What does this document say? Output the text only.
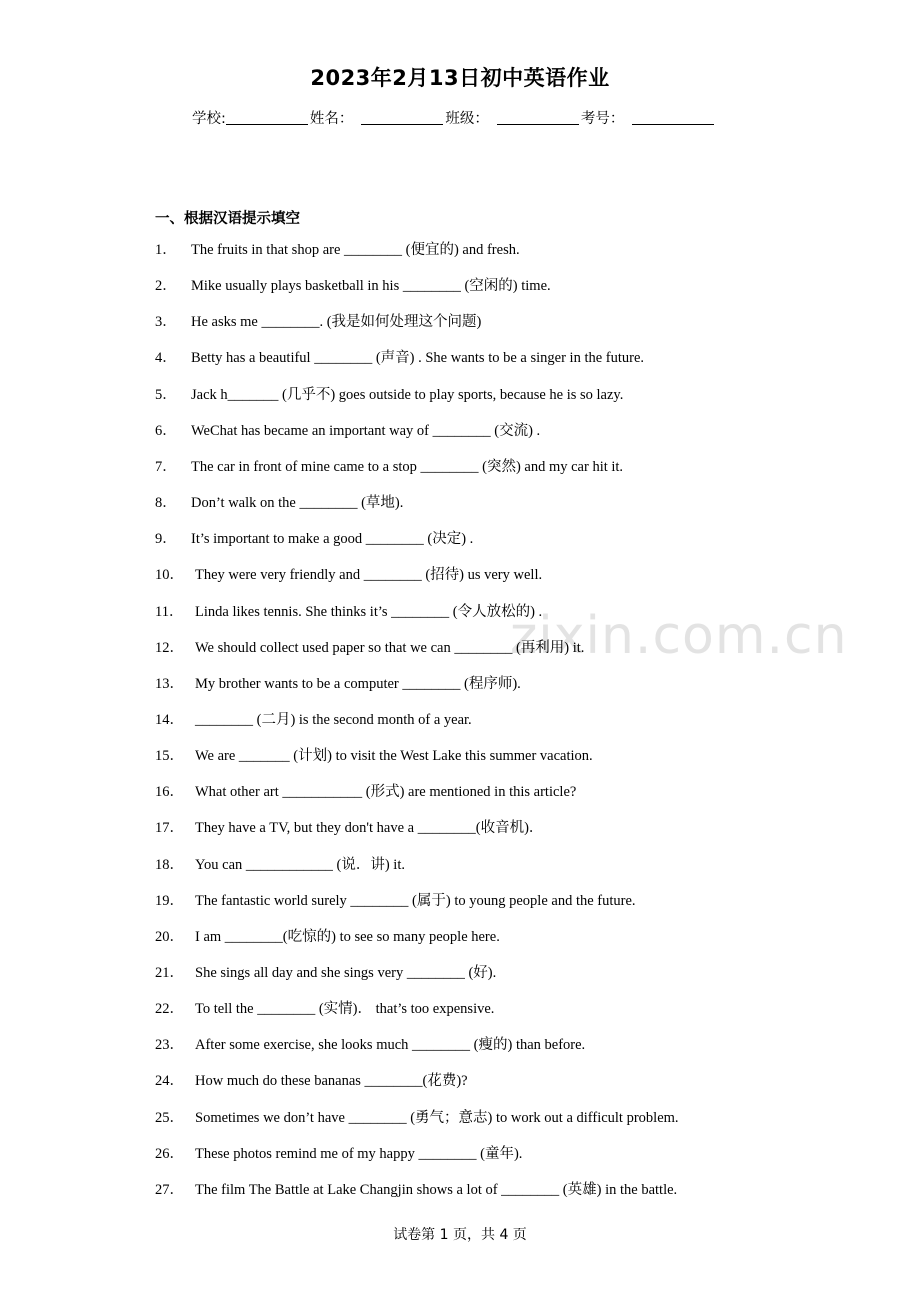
2023年2月13日初中英语作业
学校:	姓名：	班级：	考号：
一、根据汉语提示填空
zixin.com.cn
1． The fruits in that shop are ________ (便宜的) and fresh.
2． Mike usually plays basketball in his ________ (空闲的) time.
3． He asks me ________. (我是如何处理这个问题)
4． Betty has a beautiful ________ (声音) . She wants to be a singer in the future.
5． Jack h_______ (几乎不) goes outside to play sports, because he is so lazy.
6． WeChat has became an important way of ________ (交流) .
7． The car in front of mine came to a stop ________ (突然) and my car hit it.
8． Don’t walk on the ________ (草地).
9． It’s important to make a good ________ (决定) .
10． They were very friendly and ________ (招待) us very well.
11． Linda likes tennis. She thinks it’s ________ (令人放松的) .
12． We should collect used paper so that we can ________ (再利用) it.
13． My brother wants to be a computer ________ (程序师).
14． ________ (二月) is the second month of a year.
15． We are _______ (计划) to visit the West Lake this summer vacation.
16． What other art ___________ (形式) are mentioned in this article?
17． They have a TV, but they don't have a ________(收音机)．
18． You can ____________ (说．讲) it.
19． The fantastic world surely ________ (属于) to young people and the future.
20． I am ________(吃惊的) to see so many people here.
21． She sings all day and she sings very ________ (好).
22． To tell the ________ (实情)． that’s too expensive.
23． After some exercise, she looks much ________ (瘦的) than before.
24． How much do these bananas ________(花费)?
25． Sometimes we don’t have ________ (勇气；意志) to work out a difficult problem.
26． These photos remind me of my happy ________ (童年).
27． The film The Battle at Lake Changjin shows a lot of ________ (英雄) in the battle.
试卷第 1 页，共 4 页
